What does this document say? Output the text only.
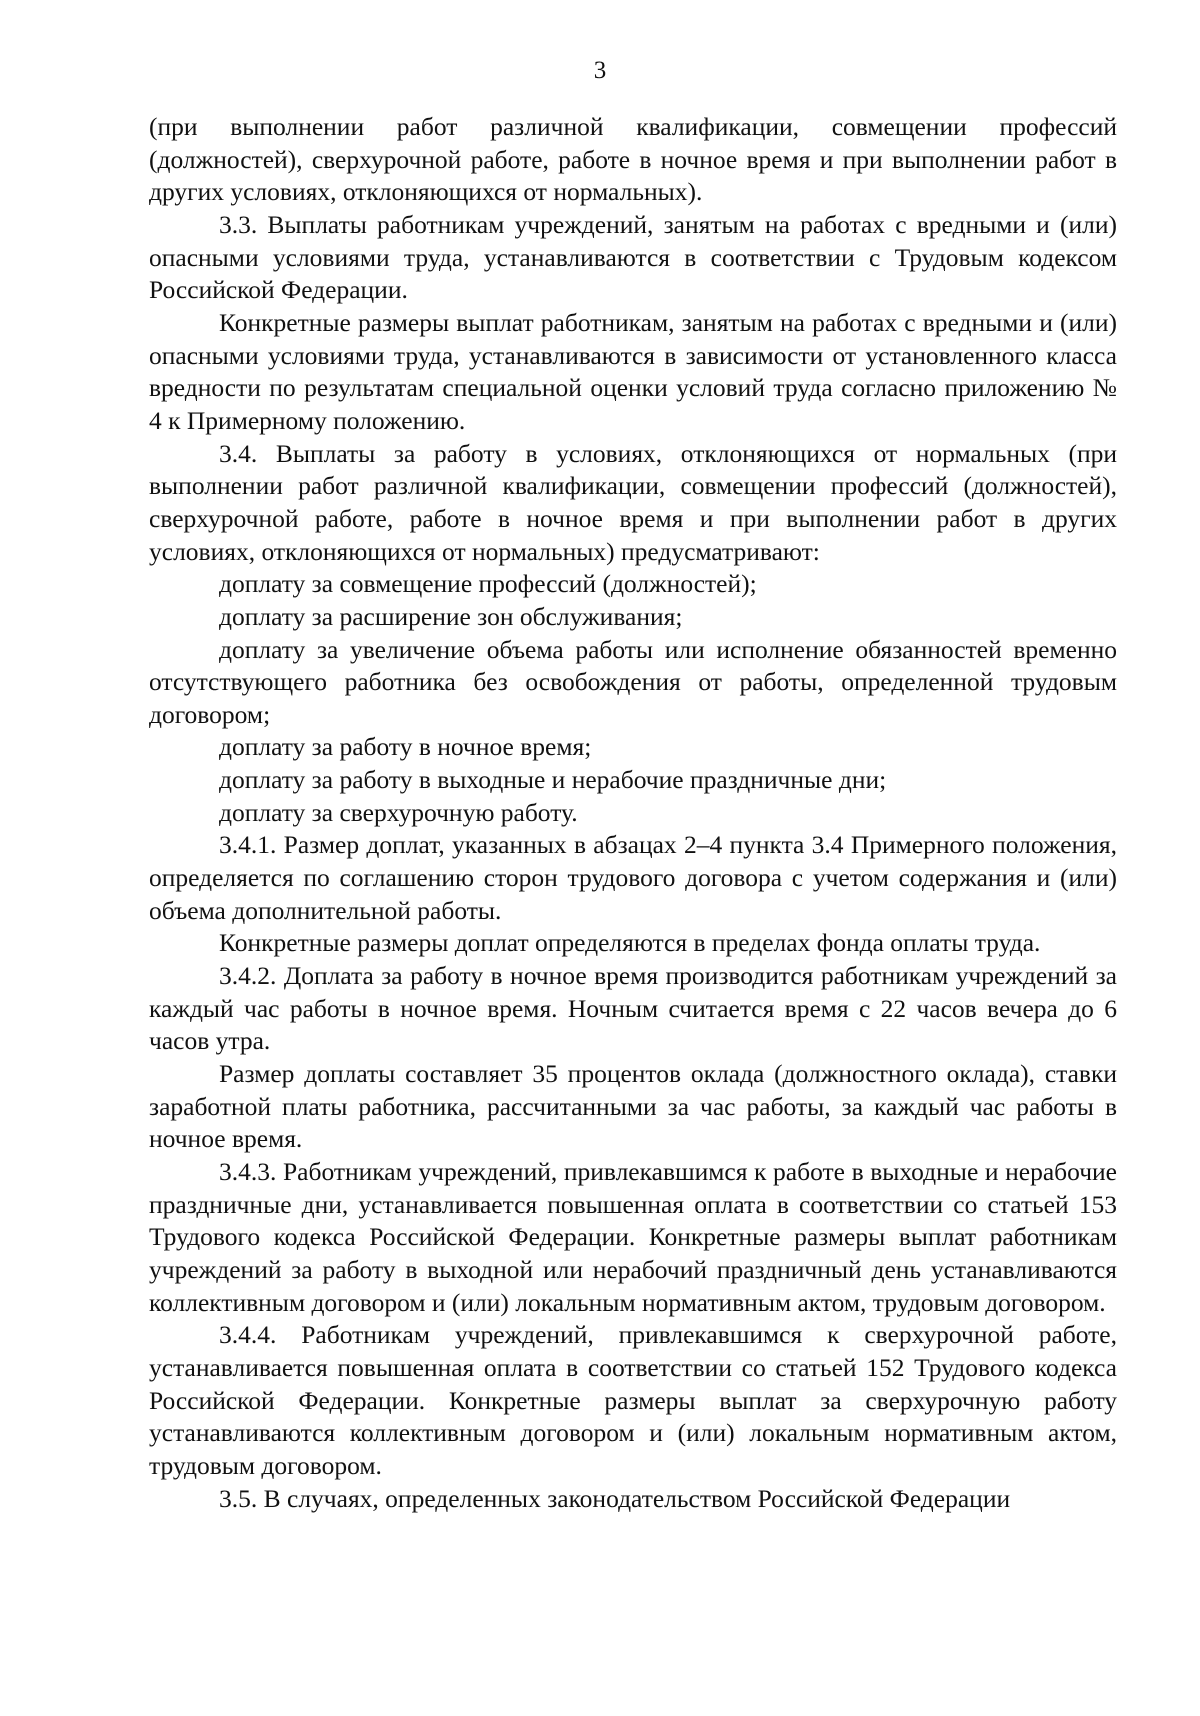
3

(при выполнении работ различной квалификации, совмещении профессий (должностей), сверхурочной работе, работе в ночное время и при выполнении работ в других условиях, отклоняющихся от нормальных).

3.3. Выплаты работникам учреждений, занятым на работах с вредными и (или) опасными условиями труда, устанавливаются в соответствии с Трудовым кодексом Российской Федерации.

Конкретные размеры выплат работникам, занятым на работах с вредными и (или) опасными условиями труда, устанавливаются в зависимости от установленного класса вредности по результатам специальной оценки условий труда согласно приложению № 4 к Примерному положению.

3.4. Выплаты за работу в условиях, отклоняющихся от нормальных (при выполнении работ различной квалификации, совмещении профессий (должностей), сверхурочной работе, работе в ночное время и при выполнении работ в других условиях, отклоняющихся от нормальных) предусматривают:

доплату за совмещение профессий (должностей);

доплату за расширение зон обслуживания;

доплату за увеличение объема работы или исполнение обязанностей временно отсутствующего работника без освобождения от работы, определенной трудовым договором;

доплату за работу в ночное время;

доплату за работу в выходные и нерабочие праздничные дни;

доплату за сверхурочную работу.

3.4.1. Размер доплат, указанных в абзацах 2–4 пункта 3.4 Примерного положения, определяется по соглашению сторон трудового договора с учетом содержания и (или) объема дополнительной работы.

Конкретные размеры доплат определяются в пределах фонда оплаты труда.

3.4.2. Доплата за работу в ночное время производится работникам учреждений за каждый час работы в ночное время. Ночным считается время с 22 часов вечера до 6 часов утра.

Размер доплаты составляет 35 процентов оклада (должностного оклада), ставки заработной платы работника, рассчитанными за час работы, за каждый час работы в ночное время.

3.4.3. Работникам учреждений, привлекавшимся к работе в выходные и нерабочие праздничные дни, устанавливается повышенная оплата в соответствии со статьей 153 Трудового кодекса Российской Федерации. Конкретные размеры выплат работникам учреждений за работу в выходной или нерабочий праздничный день устанавливаются коллективным договором и (или) локальным нормативным актом, трудовым договором.

3.4.4. Работникам учреждений, привлекавшимся к сверхурочной работе, устанавливается повышенная оплата в соответствии со статьей 152 Трудового кодекса Российской Федерации. Конкретные размеры выплат за сверхурочную работу устанавливаются коллективным договором и (или) локальным нормативным актом, трудовым договором.

3.5. В случаях, определенных законодательством Российской Федерации
